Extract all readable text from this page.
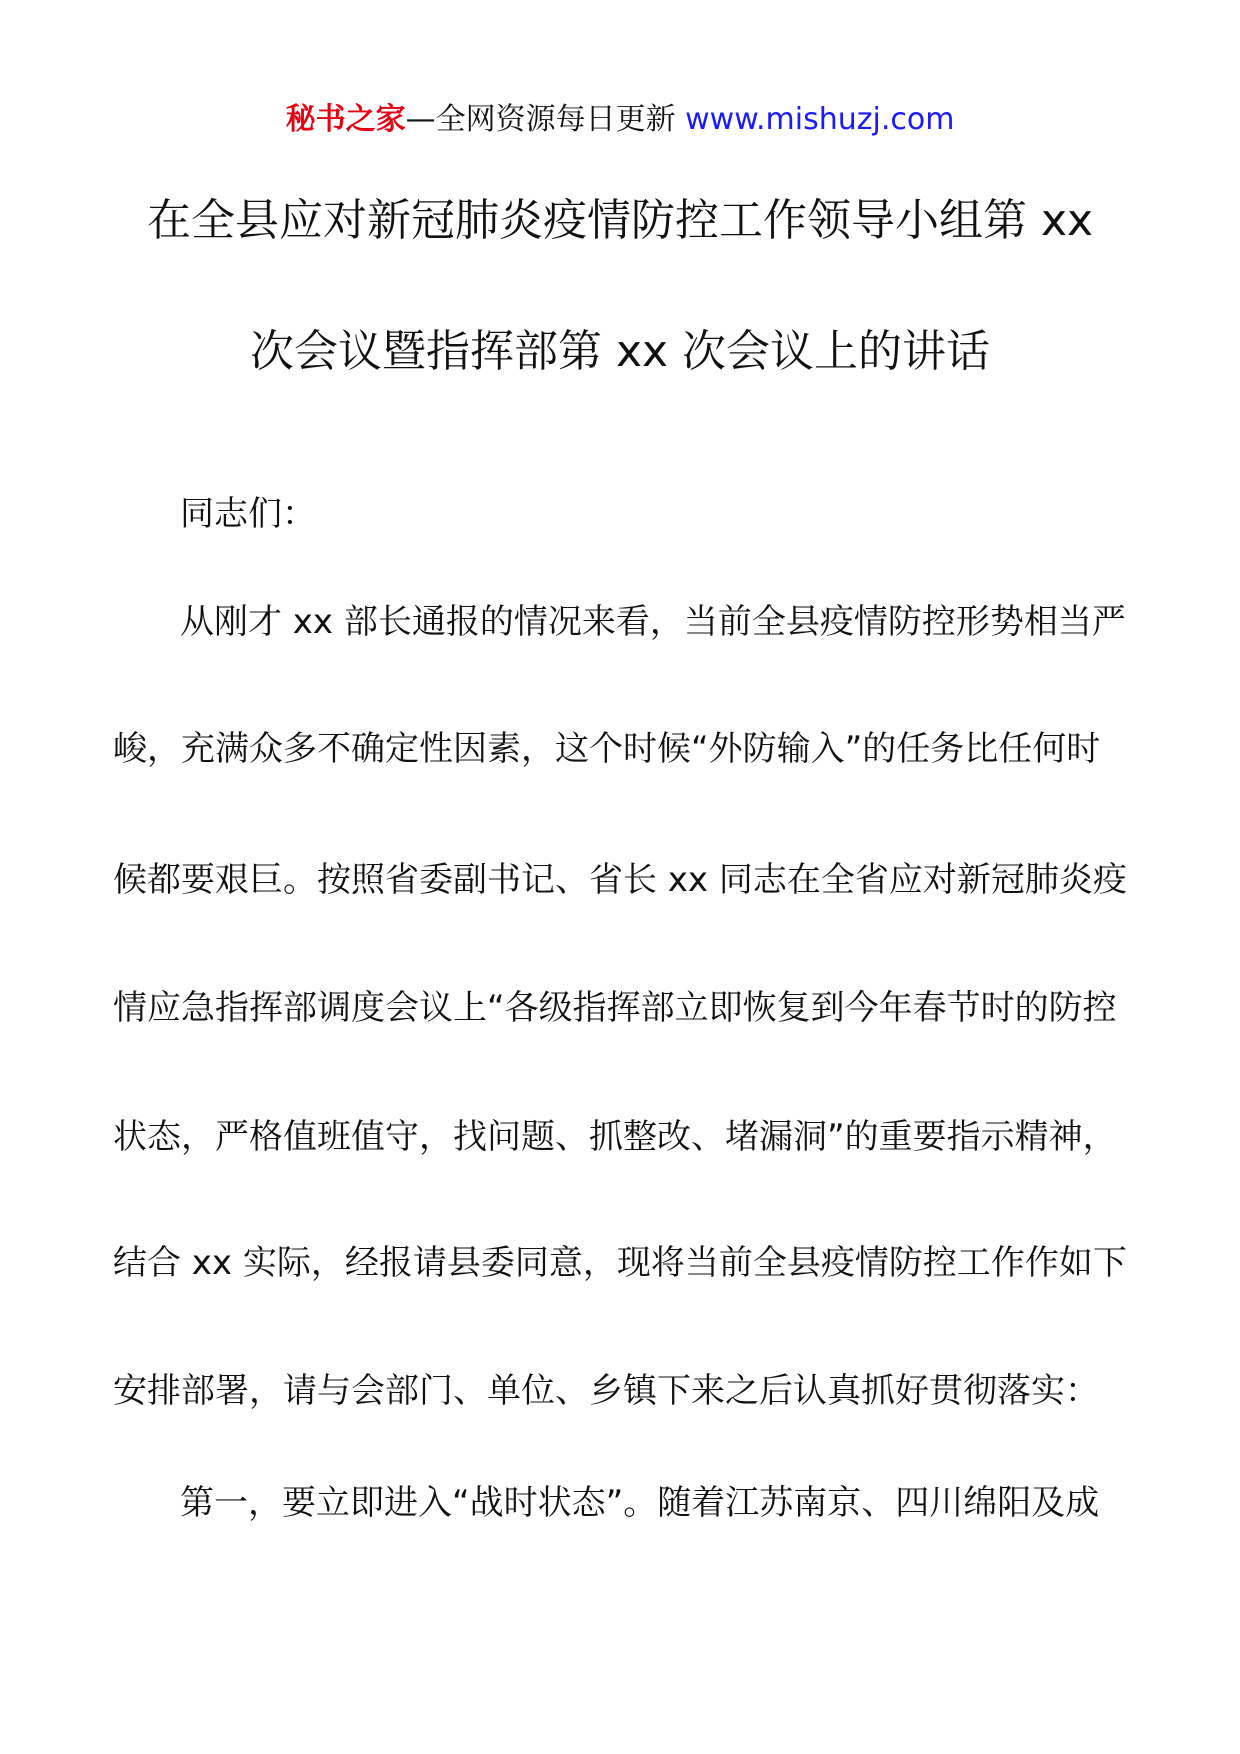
秘书之家—全网资源每日更新 www.mishuzj.com
在全县应对新冠肺炎疫情防控工作领导小组第 xx
次会议暨指挥部第 xx 次会议上的讲话
同志们：
从刚才 xx 部长通报的情况来看，当前全县疫情防控形势相当严
峻，充满众多不确定性因素，这个时候“外防输入”的任务比任何时
候都要艰巨。按照省委副书记、省长 xx 同志在全省应对新冠肺炎疫
情应急指挥部调度会议上“各级指挥部立即恢复到今年春节时的防控
状态，严格值班值守，找问题、抓整改、堵漏洞”的重要指示精神，
结合 xx 实际，经报请县委同意，现将当前全县疫情防控工作作如下
安排部署，请与会部门、单位、乡镇下来之后认真抓好贯彻落实：
第一，要立即进入“战时状态”。随着江苏南京、四川绵阳及成
